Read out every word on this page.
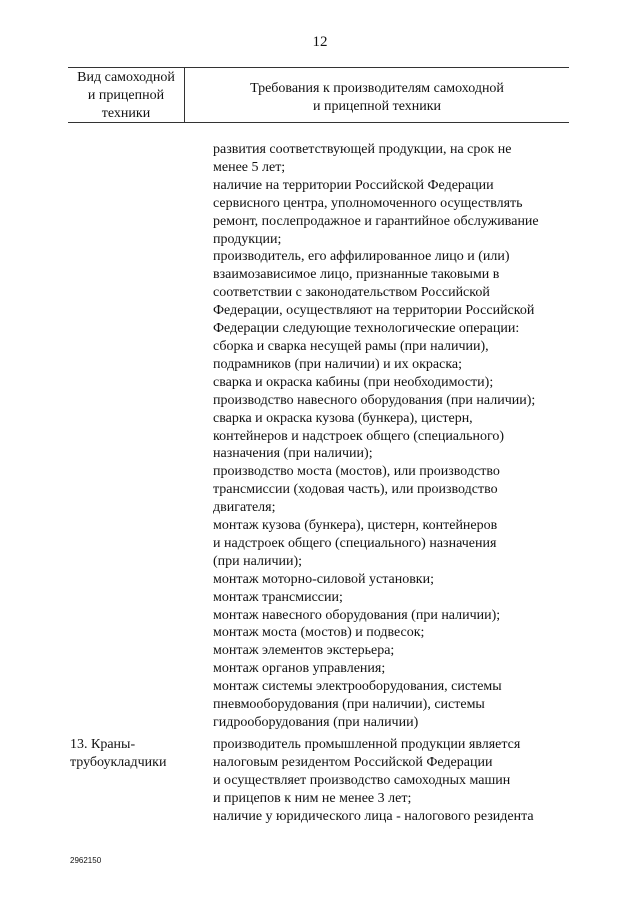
12
Вид самоходной
и прицепной
техники
Требования к производителям самоходной
и прицепной техники
развития соответствующей продукции, на срок не
менее 5 лет;
наличие на территории Российской Федерации
сервисного центра, уполномоченного осуществлять
ремонт, послепродажное и гарантийное обслуживание
продукции;
производитель, его аффилированное лицо и (или)
взаимозависимое лицо, признанные таковыми в
соответствии с законодательством Российской
Федерации, осуществляют на территории Российской
Федерации следующие технологические операции:
сборка и сварка несущей рамы (при наличии),
подрамников (при наличии) и их окраска;
сварка и окраска кабины (при необходимости);
производство навесного оборудования (при наличии);
сварка и окраска кузова (бункера), цистерн,
контейнеров и надстроек общего (специального)
назначения (при наличии);
производство моста (мостов), или производство
трансмиссии (ходовая часть), или производство
двигателя;
монтаж кузова (бункера), цистерн, контейнеров
и надстроек общего (специального) назначения
(при наличии);
монтаж моторно-силовой установки;
монтаж трансмиссии;
монтаж навесного оборудования (при наличии);
монтаж моста (мостов) и подвесок;
монтаж элементов экстерьера;
монтаж органов управления;
монтаж системы электрооборудования, системы
пневмооборудования (при наличии), системы
гидрооборудования (при наличии)
13. Краны-
трубоукладчики
производитель промышленной продукции является
налоговым резидентом Российской Федерации
и осуществляет производство самоходных машин
и прицепов к ним не менее 3 лет;
наличие у юридического лица - налогового резидента
2962150
